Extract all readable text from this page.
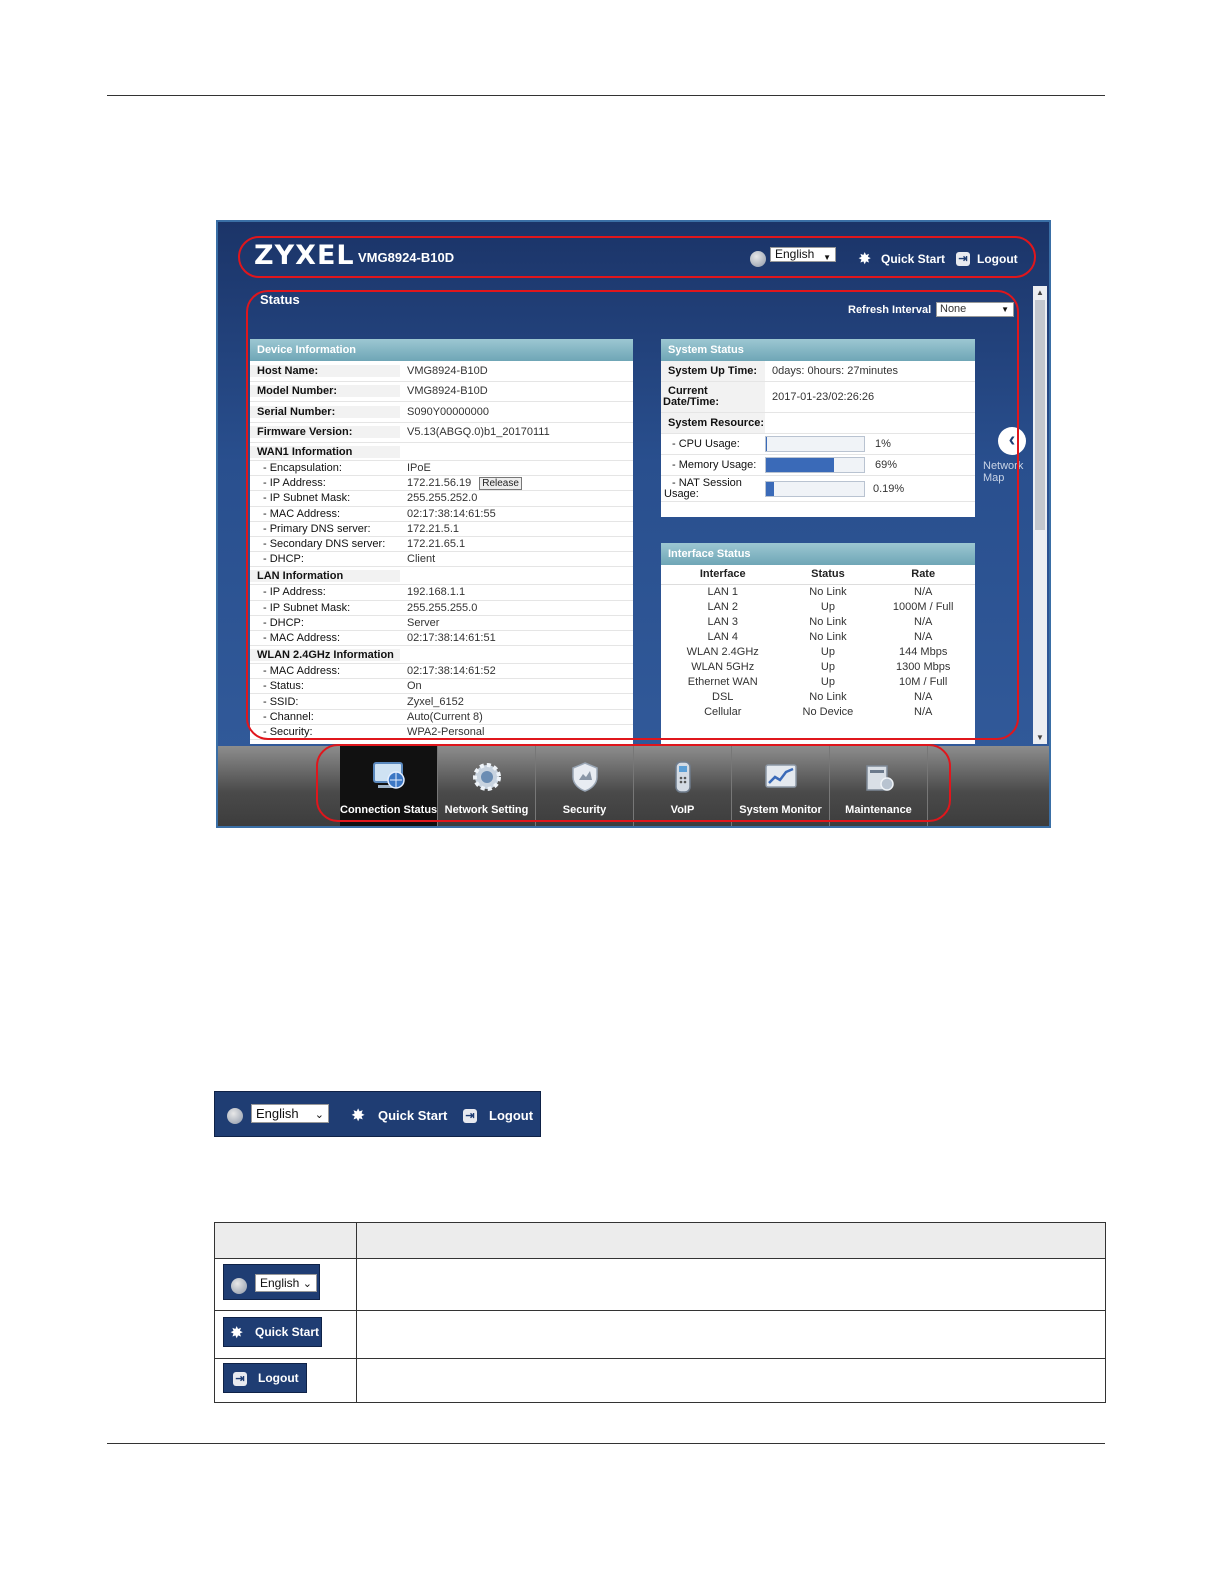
ZYXEL VMG8924-B10D	English ▼ ✸ Quick Start ⇥ Logout
Status
Refresh Interval None	▼
Device Information
Host Name:	VMG8924-B10D
Model Number:	VMG8924-B10D
Serial Number:	S090Y00000000
Firmware Version:	V5.13(ABGQ.0)b1_20170111
WAN1 Information
- Encapsulation:	IPoE
- IP Address:	172.21.56.19 Release
- IP Subnet Mask:	255.255.252.0
- MAC Address:	02:17:38:14:61:55
- Primary DNS server:	172.21.5.1
- Secondary DNS server:	172.21.65.1
- DHCP:	Client
LAN Information
- IP Address:	192.168.1.1
- IP Subnet Mask:	255.255.255.0
- DHCP:	Server
- MAC Address:	02:17:38:14:61:51
WLAN 2.4GHz Information
- MAC Address:	02:17:38:14:61:52
- Status:	On
- SSID:	Zyxel_6152
- Channel:	Auto(Current 8)
- Security:	WPA2-Personal
System Status
System Up Time:	0days: 0hours: 27minutes
Current
Date/Time:	2017-01-23/02:26:26
System Resource:
- CPU Usage:	1%
- Memory Usage:	69%
- NAT Session
Usage:	0.19%
Interface Status
Interface	Status	Rate
LAN 1	No Link	N/A
LAN 2	Up	1000M / Full
LAN 3	No Link	N/A
LAN 4	No Link	N/A
WLAN 2.4GHz	Up	144 Mbps
WLAN 5GHz	Up	1300 Mbps
Ethernet WAN	Up	10M / Full
DSL	No Link	N/A
Cellular	No Device	N/A
‹
Network
Map
▲
▼
Connection Status Network Setting	Security	VoIP	System Monitor	Maintenance
English ⌄ ✸ Quick Start ⇥ Logout

English ⌄	

✸ Quick Start	

⇥ Logout	
